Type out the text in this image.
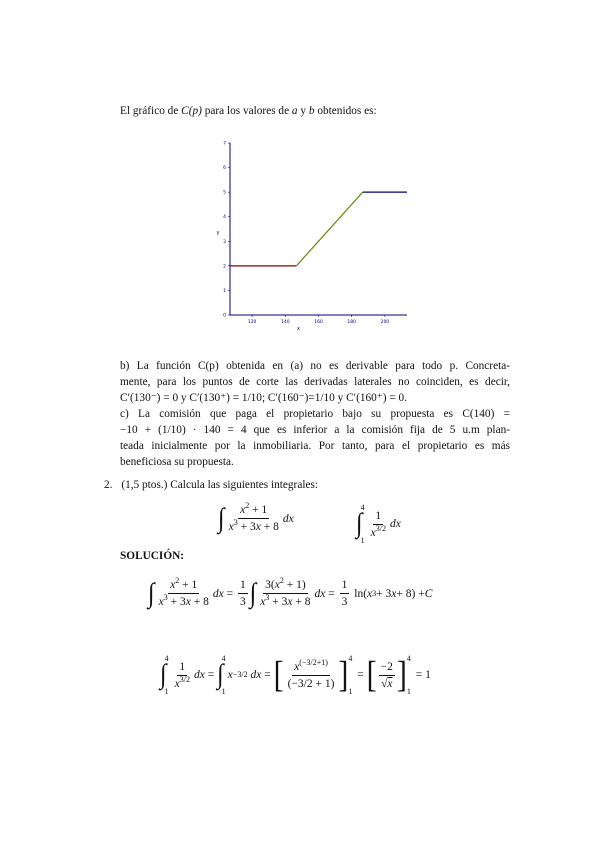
El gráfico de C(p) para los valores de a y b obtenidos es:
0
1
2
3
4
5
6
7
120	140	160	180	200
x
y
b) La función C(p) obtenida en (a) no es derivable para todo p. Concreta-
mente, para los puntos de corte las derivadas laterales no coinciden, es decir,
C′(130⁻) = 0 y C′(130⁺) = 1/10; C′(160⁻)=1/10 y C′(160⁺) = 0.
c) La comisión que paga el propietario bajo su propuesta es C(140) =
−10 + (1/10) · 140 = 4 que es inferior a la comisión fija de 5 u.m plan-
teada inicialmente por la inmobiliaria. Por tanto, para el propietario es más
beneficiosa su propuesta.
2. (1,5 ptos.) Calcula las siguientes integrales:
∫ $\frac{x^2 + 1}{x^3 + 3x + 8}$ dx	∫
4
1
$\frac{1}{x^{3/2}}$ dx
SOLUCIÓN:
∫ $\frac{x^2 + 1}{x^3 + 3x + 8}$ dx = $\frac{1}{3}$ ∫ $\frac{3(x^2 + 1)}{x^3 + 3x + 8}$ dx = $\frac{1}{3} \ln$( x 3 + 3 x + 8) + C
∫
4
1
$\frac{1}{x^{3/2}}$ dx = ∫
4
1
x −3/2
dx = [ $\frac{x^{(-3/2+1)}}{(-3/2 + 1)}$ ] 4
1
= [ $\frac{-2}{√x}$ ] 4
1
= 1
